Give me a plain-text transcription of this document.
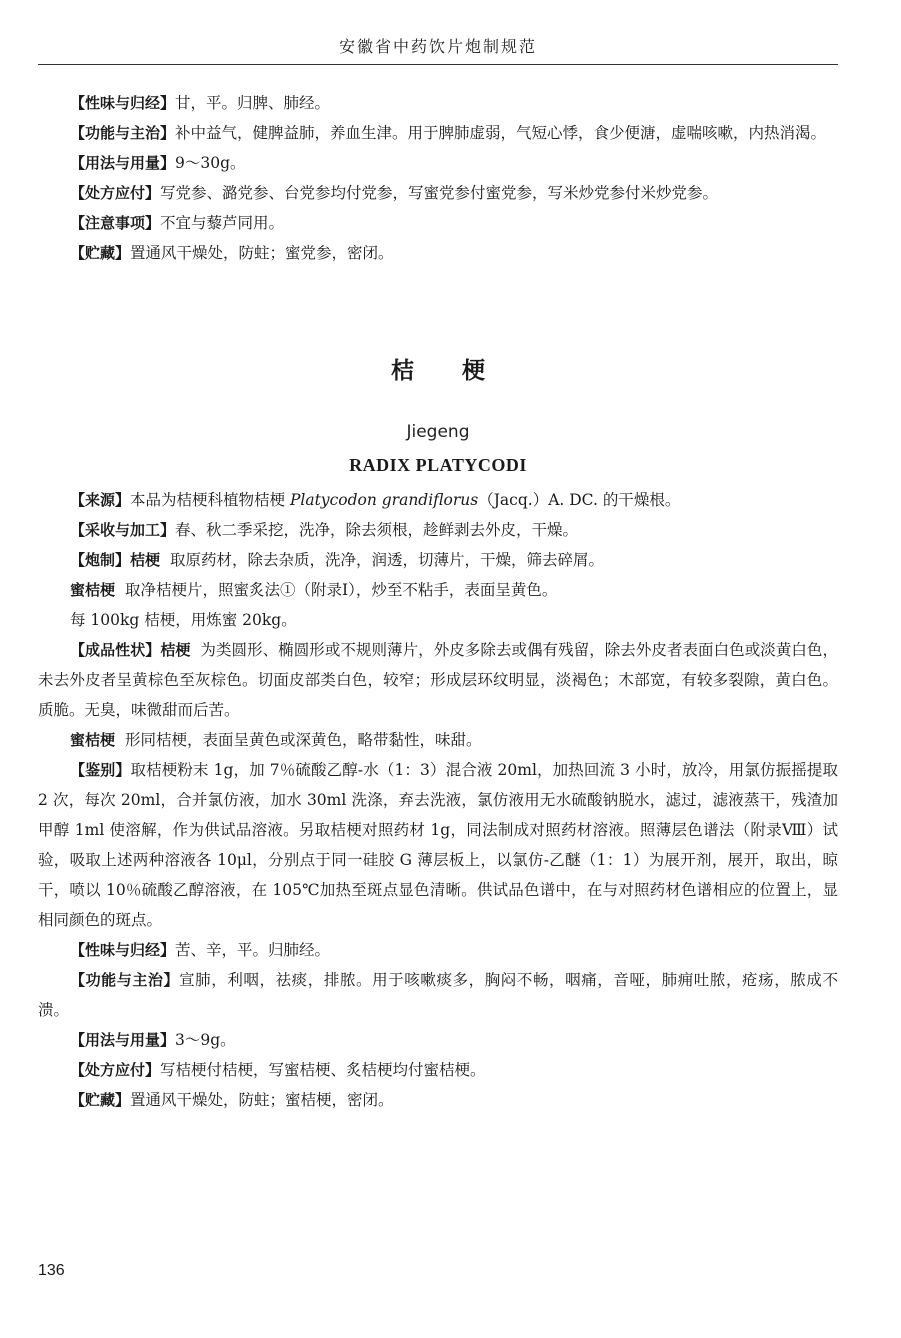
安徽省中药饮片炮制规范

【性味与归经】甘，平。归脾、肺经。

【功能与主治】补中益气，健脾益肺，养血生津。用于脾肺虚弱，气短心悸，食少便溏，虚喘咳嗽，内热消渴。

【用法与用量】9～30g。

【处方应付】写党参、潞党参、台党参均付党参，写蜜党参付蜜党参，写米炒党参付米炒党参。

【注意事项】不宜与藜芦同用。

【贮藏】置通风干燥处，防蛀；蜜党参，密闭。

桔梗
Jiegeng
RADIX PLATYCODI

【来源】本品为桔梗科植物桔梗 Platycodon grandiflorus（Jacq.）A. DC. 的干燥根。

【采收与加工】春、秋二季采挖，洗净，除去须根，趁鲜剥去外皮，干燥。

【炮制】桔梗 取原药材，除去杂质，洗净，润透，切薄片，干燥，筛去碎屑。

蜜桔梗 取净桔梗片，照蜜炙法①（附录Ⅰ），炒至不粘手，表面呈黄色。

每 100kg 桔梗，用炼蜜 20kg。

【成品性状】桔梗 为类圆形、椭圆形或不规则薄片，外皮多除去或偶有残留，除去外皮者表面白色或淡黄白色，未去外皮者呈黄棕色至灰棕色。切面皮部类白色，较窄；形成层环纹明显，淡褐色；木部宽，有较多裂隙，黄白色。质脆。无臭，味微甜而后苦。

蜜桔梗 形同桔梗，表面呈黄色或深黄色，略带黏性，味甜。

【鉴别】取桔梗粉末 1g，加 7％硫酸乙醇-水（1：3）混合液 20ml，加热回流 3 小时，放冷，用氯仿振摇提取 2 次，每次 20ml，合并氯仿液，加水 30ml 洗涤，弃去洗液，氯仿液用无水硫酸钠脱水，滤过，滤液蒸干，残渣加甲醇 1ml 使溶解，作为供试品溶液。另取桔梗对照药材 1g，同法制成对照药材溶液。照薄层色谱法（附录Ⅷ）试验，吸取上述两种溶液各 10μl，分别点于同一硅胶 G 薄层板上，以氯仿-乙醚（1：1）为展开剂，展开，取出，晾干，喷以 10％硫酸乙醇溶液，在 105℃加热至斑点显色清晰。供试品色谱中，在与对照药材色谱相应的位置上，显相同颜色的斑点。

【性味与归经】苦、辛，平。归肺经。

【功能与主治】宣肺，利咽，祛痰，排脓。用于咳嗽痰多，胸闷不畅，咽痛，音哑，肺痈吐脓，疮疡，脓成不溃。

【用法与用量】3～9g。

【处方应付】写桔梗付桔梗，写蜜桔梗、炙桔梗均付蜜桔梗。

【贮藏】置通风干燥处，防蛀；蜜桔梗，密闭。

136
